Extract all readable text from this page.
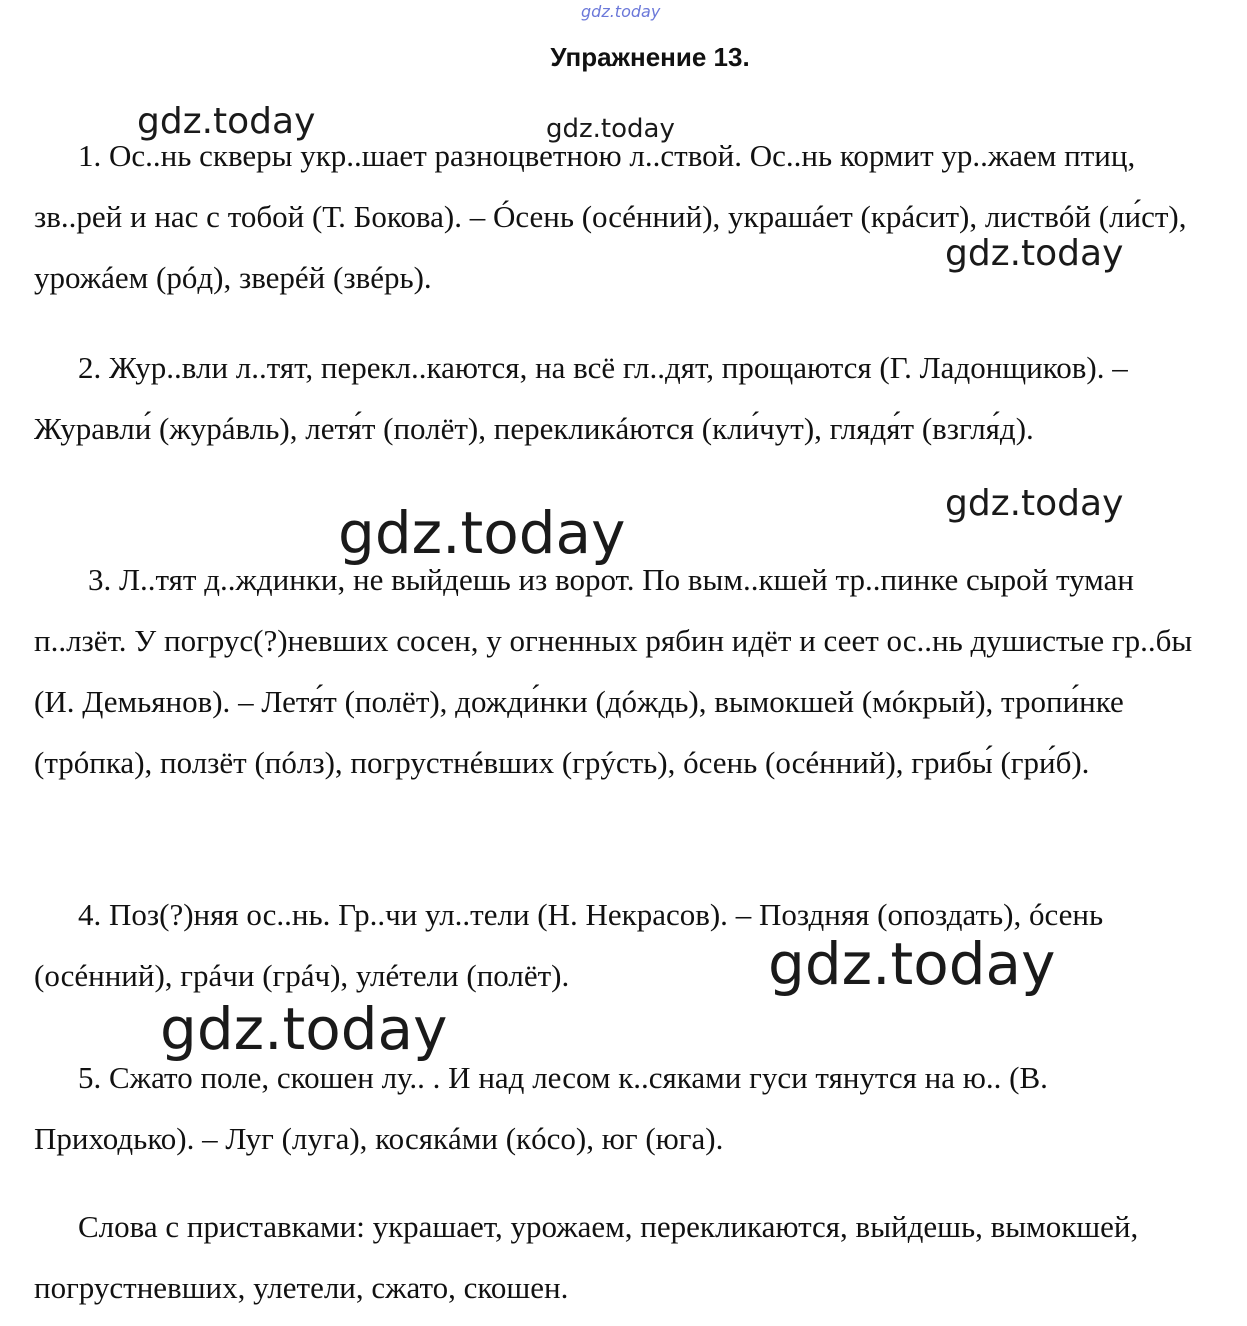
gdz.today
gdz.today	gdz.today
gdz.today
gdz.today
gdz.today
gdz.today
gdz.today
Упражнение 13.

1. Ос..нь скверы укр..шает разноцветною л..ствой. Ос..нь кормит ур..жаем птиц, зв..рей и нас с тобой (Т. Бокова). – Óсень (осéнний), украшáет (крáсит), листвóй (ли́ст), урожáем (рóд), зверéй (звéрь).

2. Жур..вли л..тят, перекл..каются, на всё гл..дят, прощаются (Г. Ладонщиков). – Журавли́ (журáвль), летя́т (полёт), перекликáются (кли́чут), глядя́т (взгля́д).

3. Л..тят д..ждинки, не выйдешь из ворот. По вым..кшей тр..пинке сырой туман п..лзёт. У погрус(?)невших сосен, у огненных рябин идёт и сеет ос..нь душистые гр..бы (И. Демьянов). – Летя́т (полёт), дожди́нки (дóждь), вымокшей (мóкрый), тропи́нке (трóпка), ползёт (пóлз), погрустнéвших (грýсть), óсень (осéнний), грибы́ (гри́б).

4. Поз(?)няя ос..нь. Гр..чи ул..тели (Н. Некрасов). – Поздняя (опоздать), óсень (осéнний), грáчи (грáч), улéтели (полёт).

5. Сжато поле, скошен лу.. . И над лесом к..сяками гуси тянутся на ю.. (В. Приходько). – Луг (луга), косякáми (кóсо), юг (юга).

Слова с приставками: украшает, урожаем, перекликаются, выйдешь, вымокшей, погрустневших, улетели, сжато, скошен.
